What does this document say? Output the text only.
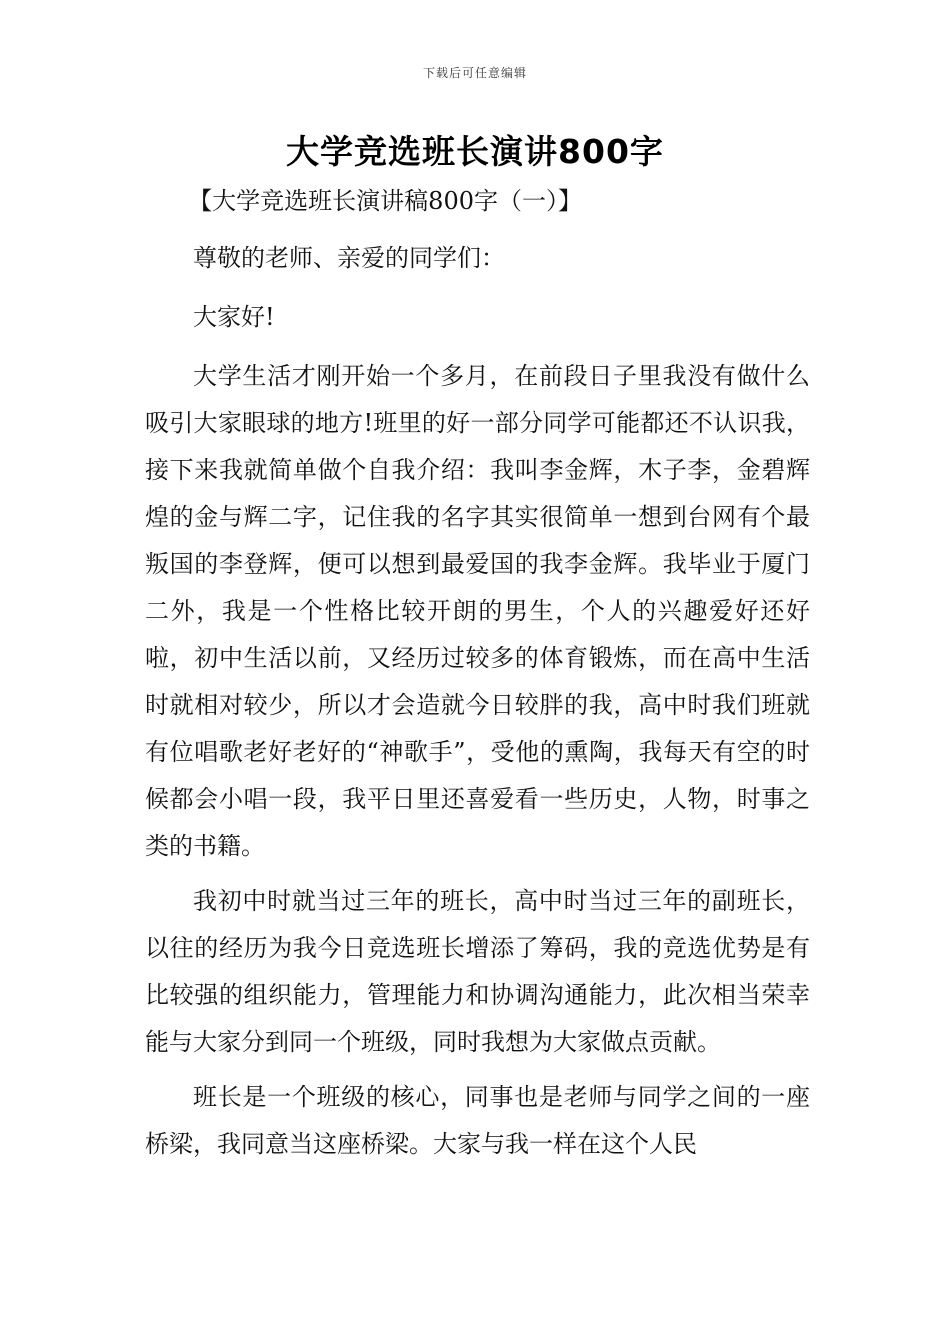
下载后可任意编辑
大学竞选班长演讲800字

【大学竞选班长演讲稿800字（一）】

尊敬的老师、亲爱的同学们：

大家好!

大学生活才刚开始一个多月，在前段日子里我没有做什么吸引大家眼球的地方!班里的好一部分同学可能都还不认识我，接下来我就简单做个自我介绍：我叫李金辉，木子李，金碧辉煌的金与辉二字，记住我的名字其实很简单一想到台网有个最叛国的李登辉，便可以想到最爱国的我李金辉。我毕业于厦门二外，我是一个性格比较开朗的男生，个人的兴趣爱好还好啦，初中生活以前，又经历过较多的体育锻炼，而在高中生活时就相对较少，所以才会造就今日较胖的我，高中时我们班就有位唱歌老好老好的“神歌手”，受他的熏陶，我每天有空的时候都会小唱一段，我平日里还喜爱看一些历史，人物，时事之类的书籍。

我初中时就当过三年的班长，高中时当过三年的副班长，以往的经历为我今日竞选班长增添了筹码，我的竞选优势是有比较强的组织能力，管理能力和协调沟通能力，此次相当荣幸能与大家分到同一个班级，同时我想为大家做点贡献。

班长是一个班级的核心，同事也是老师与同学之间的一座桥梁，我同意当这座桥梁。大家与我一样在这个人民
